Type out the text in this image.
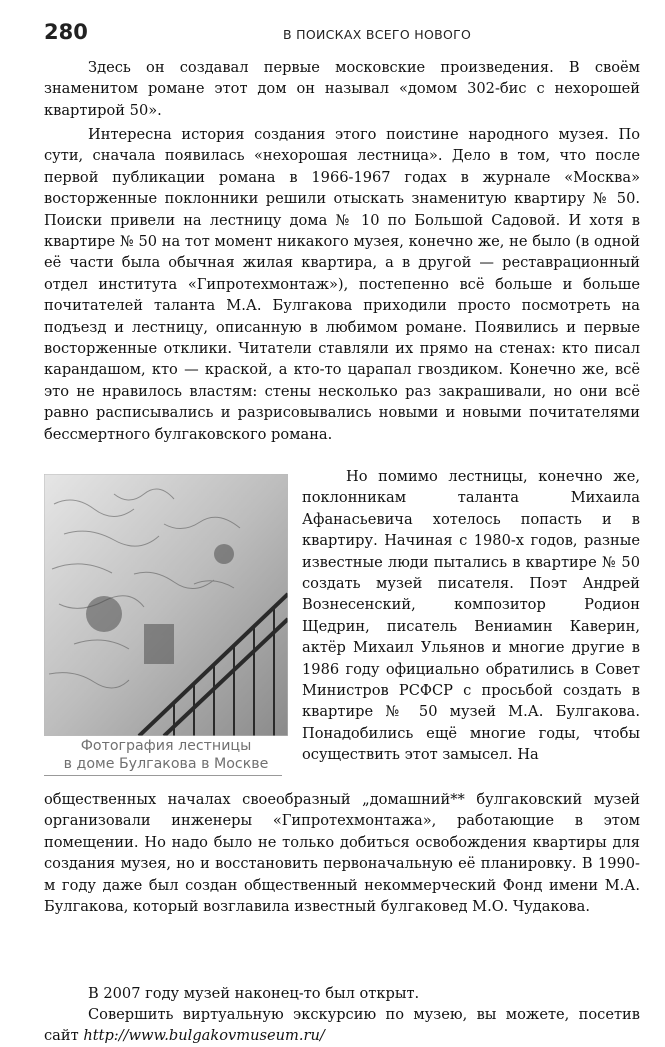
280	В ПОИСКАХ ВСЕГО НОВОГО

Здесь он создавал первые московские произведения. В своём знаменитом романе этот дом он называл «домом 302-бис с нехорошей квартирой 50».

Интересна история создания этого поистине народного музея. По сути, сначала появилась «нехорошая лестница». Дело в том, что после первой публикации романа в 1966-1967 годах в журнале «Москва» восторженные поклонники решили отыскать знаменитую квартиру № 50. Поиски привели на лестницу дома № 10 по Большой Садовой. И хотя в квартире № 50 на тот момент никакого музея, конечно же, не было (в одной её части была обычная жилая квартира, а в другой — реставрационный отдел института «Гипротехмонтаж»), постепенно всё больше и больше почитателей таланта М.А. Булгакова приходили просто посмотреть на подъезд и лестницу, описанную в любимом романе. Появились и первые восторженные отклики. Читатели ставляли их прямо на стенах: кто писал карандашом, кто — краской, а кто-то царапал гвоздиком. Конечно же, всё это не нравилось властям: стены несколько раз закрашивали, но они всё равно расписывались и разрисовывались новыми и новыми почитателями бессмертного булгаковского романа.

Фотография лестницы
в доме Булгакова в Москве

Но помимо лестницы, конечно же, поклонникам таланта Михаила Афанасьевича хотелось попасть и в квартиру. Начиная с 1980-х годов, разные известные люди пытались в квартире № 50 создать музей писателя. Поэт Андрей Вознесенский, композитор Родион Щедрин, писатель Вениамин Каверин, актёр Михаил Ульянов и многие другие в 1986 году официально обратились в Совет Министров РСФСР с просьбой создать в квартире № 50 музей М.А. Булгакова. Понадобились ещё многие годы, чтобы осуществить этот замысел. На

общественных началах своеобразный „домашний** булгаковский музей организовали инженеры «Гипротехмонтажа», работающие в этом помещении. Но надо было не только добиться освобождения квартиры для создания музея, но и восстановить первоначальную её планировку. В 1990-м году даже был создан общественный некоммерческий Фонд имени М.А. Булгакова, который возглавила известный булгаковед М.О. Чудакова.

В 2007 году музей наконец-то был открыт.

Совершить виртуальную экскурсию по музею, вы можете, посетив сайт http://www.bulgakovmuseum.ru/
